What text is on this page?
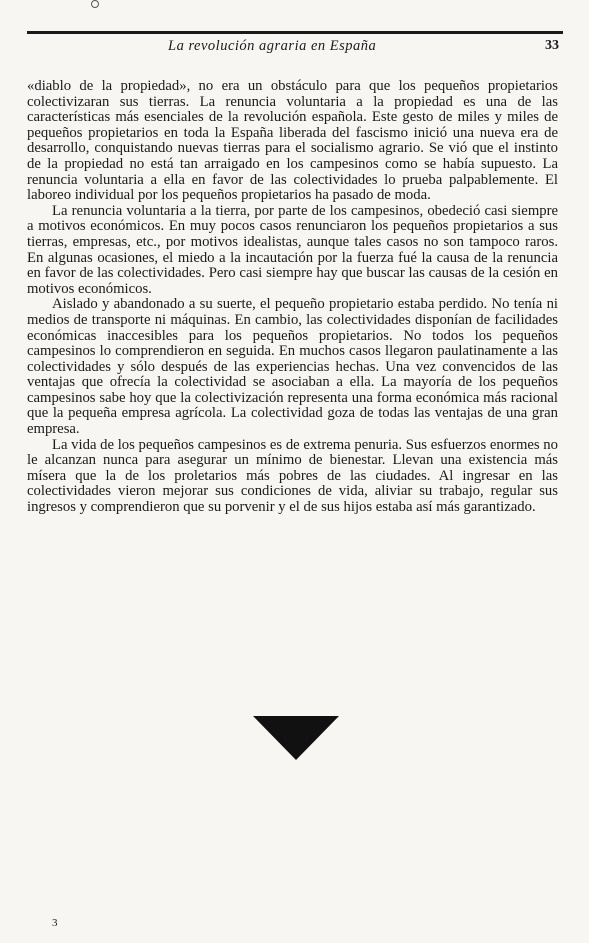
La revolución agraria en España	33

«diablo de la propiedad», no era un obstáculo para que los pequeños propietarios colectivizaran sus tierras. La renuncia voluntaria a la propiedad es una de las características más esenciales de la revolución española. Este gesto de miles y miles de pequeños propietarios en toda la España liberada del fascismo inició una nueva era de desarrollo, conquistando nuevas tierras para el socialismo agrario. Se vió que el instinto de la propiedad no está tan arraigado en los campesinos como se había supuesto. La renuncia voluntaria a ella en favor de las colectividades lo prueba palpablemente. El laboreo individual por los pequeños propietarios ha pasado de moda.

La renuncia voluntaria a la tierra, por parte de los campesinos, obedeció casi siempre a motivos económicos. En muy pocos casos renunciaron los pequeños propietarios a sus tierras, empresas, etc., por motivos idealistas, aunque tales casos no son tampoco raros. En algunas ocasiones, el miedo a la incautación por la fuerza fué la causa de la renuncia en favor de las colectividades. Pero casi siempre hay que buscar las causas de la cesión en motivos económicos.

Aislado y abandonado a su suerte, el pequeño propietario estaba perdido. No tenía ni medios de transporte ni máquinas. En cambio, las colectividades disponían de facilidades económicas inaccesibles para los pequeños propietarios. No todos los pequeños campesinos lo comprendieron en seguida. En muchos casos llegaron paulatinamente a las colectividades y sólo después de las experiencias hechas. Una vez convencidos de las ventajas que ofrecía la colectividad se asociaban a ella. La mayoría de los pequeños campesinos sabe hoy que la colectivización representa una forma económica más racional que la pequeña empresa agrícola. La colectividad goza de todas las ventajas de una gran empresa.

La vida de los pequeños campesinos es de extrema penuria. Sus esfuerzos enormes no le alcanzan nunca para asegurar un mínimo de bienestar. Llevan una existencia más mísera que la de los proletarios más pobres de las ciudades. Al ingresar en las colectividades vieron mejorar sus condiciones de vida, aliviar su trabajo, regular sus ingresos y comprendieron que su porvenir y el de sus hijos estaba así más garantizado.

3
